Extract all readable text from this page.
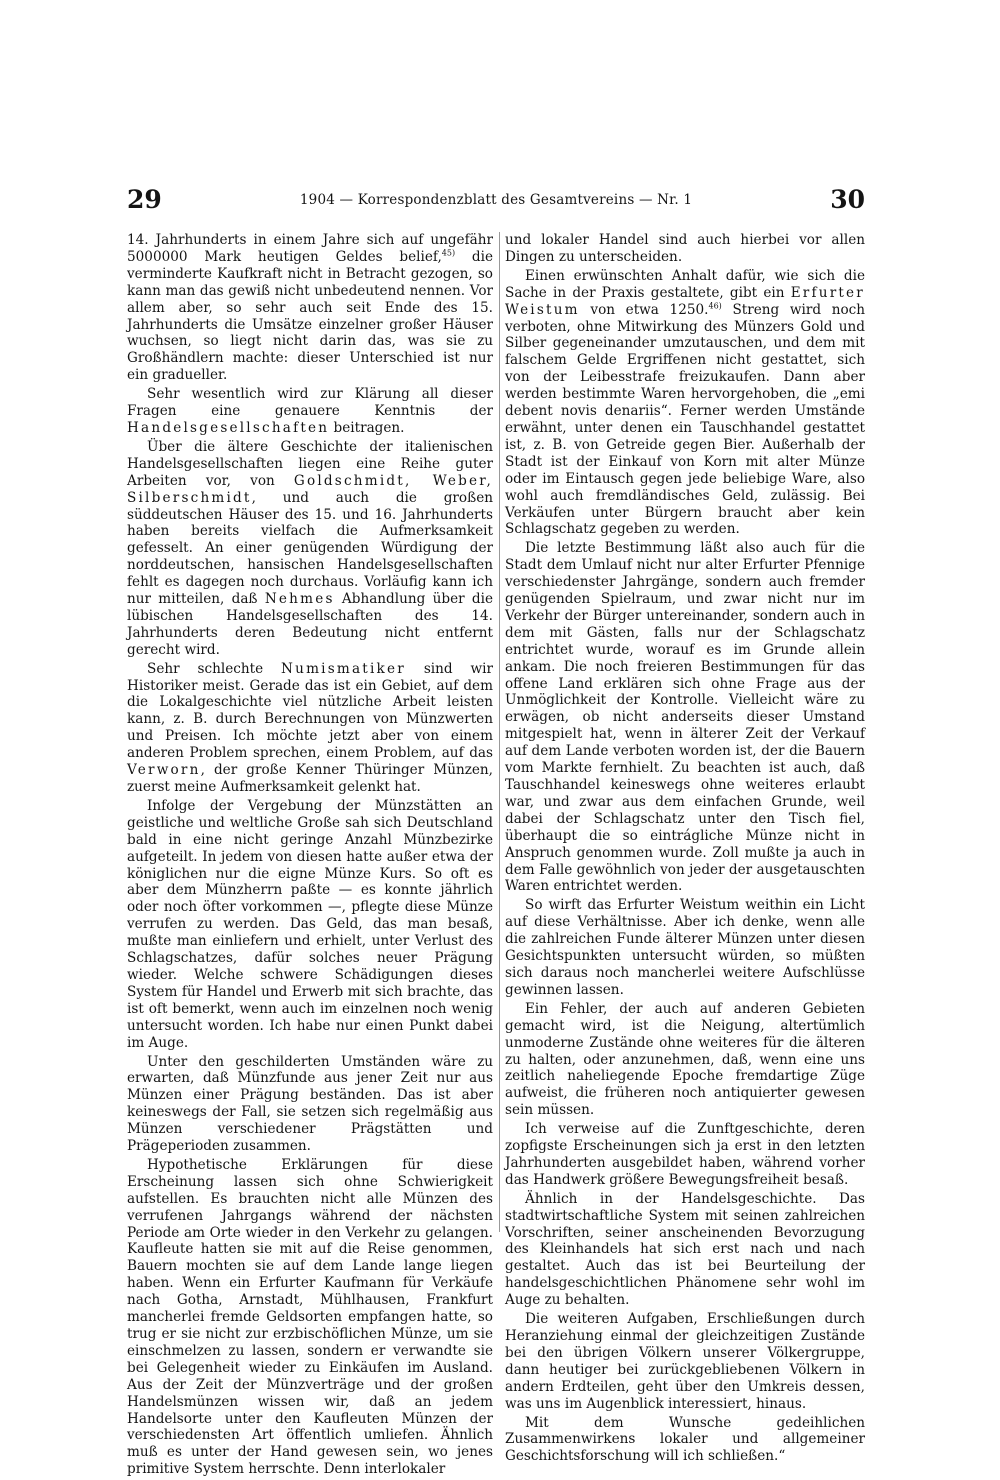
29	1904 — Korrespondenzblatt des Gesamtvereins — Nr. 1	30

14. Jahrhunderts in einem Jahre sich auf ungefähr 5000000 Mark heutigen Geldes belief,$^{45)}$ die verminderte Kaufkraft nicht in Betracht gezogen, so kann man das gewiß nicht unbedeutend nennen. Vor allem aber, so sehr auch seit Ende des 15. Jahrhunderts die Umsätze einzelner großer Häuser wuchsen, so liegt nicht darin das, was sie zu Großhändlern machte: dieser Unterschied ist nur ein gradueller.

Sehr wesentlich wird zur Klärung all dieser Fragen eine genauere Kenntnis der Handelsgesellschaften beitragen.

Über die ältere Geschichte der italienischen Handelsgesellschaften liegen eine Reihe guter Arbeiten vor, von Goldschmidt, Weber, Silberschmidt, und auch die großen süddeutschen Häuser des 15. und 16. Jahrhunderts haben bereits vielfach die Aufmerksamkeit gefesselt. An einer genügenden Würdigung der norddeutschen, hansischen Handelsgesellschaften fehlt es dagegen noch durchaus. Vorläufig kann ich nur mitteilen, daß Nehmes Abhandlung über die lübischen Handelsgesellschaften des 14. Jahrhunderts deren Bedeutung nicht entfernt gerecht wird.

Sehr schlechte Numismatiker sind wir Historiker meist. Gerade das ist ein Gebiet, auf dem die Lokalgeschichte viel nützliche Arbeit leisten kann, z. B. durch Berechnungen von Münzwerten und Preisen. Ich möchte jetzt aber von einem anderen Problem sprechen, einem Problem, auf das Verworn, der große Kenner Thüringer Münzen, zuerst meine Aufmerksamkeit gelenkt hat.

Infolge der Vergebung der Münzstätten an geistliche und weltliche Große sah sich Deutschland bald in eine nicht geringe Anzahl Münzbezirke aufgeteilt. In jedem von diesen hatte außer etwa der königlichen nur die eigne Münze Kurs. So oft es aber dem Münzherrn paßte — es konnte jährlich oder noch öfter vorkommen —, pflegte diese Münze verrufen zu werden. Das Geld, das man besaß, mußte man einliefern und erhielt, unter Verlust des Schlagschatzes, dafür solches neuer Prägung wieder. Welche schwere Schädigungen dieses System für Handel und Erwerb mit sich brachte, das ist oft bemerkt, wenn auch im einzelnen noch wenig untersucht worden. Ich habe nur einen Punkt dabei im Auge.

Unter den geschilderten Umständen wäre zu erwarten, daß Münzfunde aus jener Zeit nur aus Münzen einer Prägung beständen. Das ist aber keineswegs der Fall, sie setzen sich regelmäßig aus Münzen verschiedener Prägstätten und Prägeperioden zusammen.

Hypothetische Erklärungen für diese Erscheinung lassen sich ohne Schwierigkeit aufstellen. Es brauchten nicht alle Münzen des verrufenen Jahrgangs während der nächsten Periode am Orte wieder in den Verkehr zu gelangen. Kaufleute hatten sie mit auf die Reise genommen, Bauern mochten sie auf dem Lande lange liegen haben. Wenn ein Erfurter Kaufmann für Verkäufe nach Gotha, Arnstadt, Mühlhausen, Frankfurt mancherlei fremde Geldsorten empfangen hatte, so trug er sie nicht zur erzbischöflichen Münze, um sie einschmelzen zu lassen, sondern er verwandte sie bei Gelegenheit wieder zu Einkäufen im Ausland. Aus der Zeit der Münzverträge und der großen Handelsmünzen wissen wir, daß an jedem Handelsorte unter den Kaufleuten Münzen der verschiedensten Art öffentlich umliefen. Ähnlich muß es unter der Hand gewesen sein, wo jenes primitive System herrschte. Denn interlokaler

und lokaler Handel sind auch hierbei vor allen Dingen zu unterscheiden.

Einen erwünschten Anhalt dafür, wie sich die Sache in der Praxis gestaltete, gibt ein Erfurter Weistum von etwa 1250.$^{46)}$ Streng wird noch verboten, ohne Mitwirkung des Münzers Gold und Silber gegeneinander umzutauschen, und dem mit falschem Gelde Ergriffenen nicht gestattet, sich von der Leibesstrafe freizukaufen. Dann aber werden bestimmte Waren hervorgehoben, die „emi debent novis denariis“. Ferner werden Umstände erwähnt, unter denen ein Tauschhandel gestattet ist, z. B. von Getreide gegen Bier. Außerhalb der Stadt ist der Einkauf von Korn mit alter Münze oder im Eintausch gegen jede beliebige Ware, also wohl auch fremdländisches Geld, zulässig. Bei Verkäufen unter Bürgern braucht aber kein Schlagschatz gegeben zu werden.

Die letzte Bestimmung läßt also auch für die Stadt dem Umlauf nicht nur alter Erfurter Pfennige verschiedenster Jahrgänge, sondern auch fremder genügenden Spielraum, und zwar nicht nur im Verkehr der Bürger untereinander, sondern auch in dem mit Gästen, falls nur der Schlagschatz entrichtet wurde, worauf es im Grunde allein ankam. Die noch freieren Bestimmungen für das offene Land erklären sich ohne Frage aus der Unmöglichkeit der Kontrolle. Vielleicht wäre zu erwägen, ob nicht anderseits dieser Umstand mitgespielt hat, wenn in älterer Zeit der Verkauf auf dem Lande verboten worden ist, der die Bauern vom Markte fernhielt. Zu beachten ist auch, daß Tauschhandel keineswegs ohne weiteres erlaubt war, und zwar aus dem einfachen Grunde, weil dabei der Schlagschatz unter den Tisch fiel, überhaupt die so eintrágliche Münze nicht in Anspruch genommen wurde. Zoll mußte ja auch in dem Falle gewöhnlich von jeder der ausgetauschten Waren entrichtet werden.

So wirft das Erfurter Weistum weithin ein Licht auf diese Verhältnisse. Aber ich denke, wenn alle die zahlreichen Funde älterer Münzen unter diesen Gesichtspunkten untersucht würden, so müßten sich daraus noch mancherlei weitere Aufschlüsse gewinnen lassen.

Ein Fehler, der auch auf anderen Gebieten gemacht wird, ist die Neigung, altertümlich unmoderne Zustände ohne weiteres für die älteren zu halten, oder anzunehmen, daß, wenn eine uns zeitlich naheliegende Epoche fremdartige Züge aufweist, die früheren noch antiquierter gewesen sein müssen.

Ich verweise auf die Zunftgeschichte, deren zopfigste Erscheinungen sich ja erst in den letzten Jahrhunderten ausgebildet haben, während vorher das Handwerk größere Bewegungsfreiheit besaß.

Ähnlich in der Handelsgeschichte. Das stadtwirtschaftliche System mit seinen zahlreichen Vorschriften, seiner anscheinenden Bevorzugung des Kleinhandels hat sich erst nach und nach gestaltet. Auch das ist bei Beurteilung der handelsgeschichtlichen Phänomene sehr wohl im Auge zu behalten.

Die weiteren Aufgaben, Erschließungen durch Heranziehung einmal der gleichzeitigen Zustände bei den übrigen Völkern unserer Völkergruppe, dann heutiger bei zurückgebliebenen Völkern in andern Erdteilen, geht über den Umkreis dessen, was uns im Augenblick interessiert, hinaus.

Mit dem Wunsche gedeihlichen Zusammenwirkens lokaler und allgemeiner Geschichtsforschung will ich schließen.“
